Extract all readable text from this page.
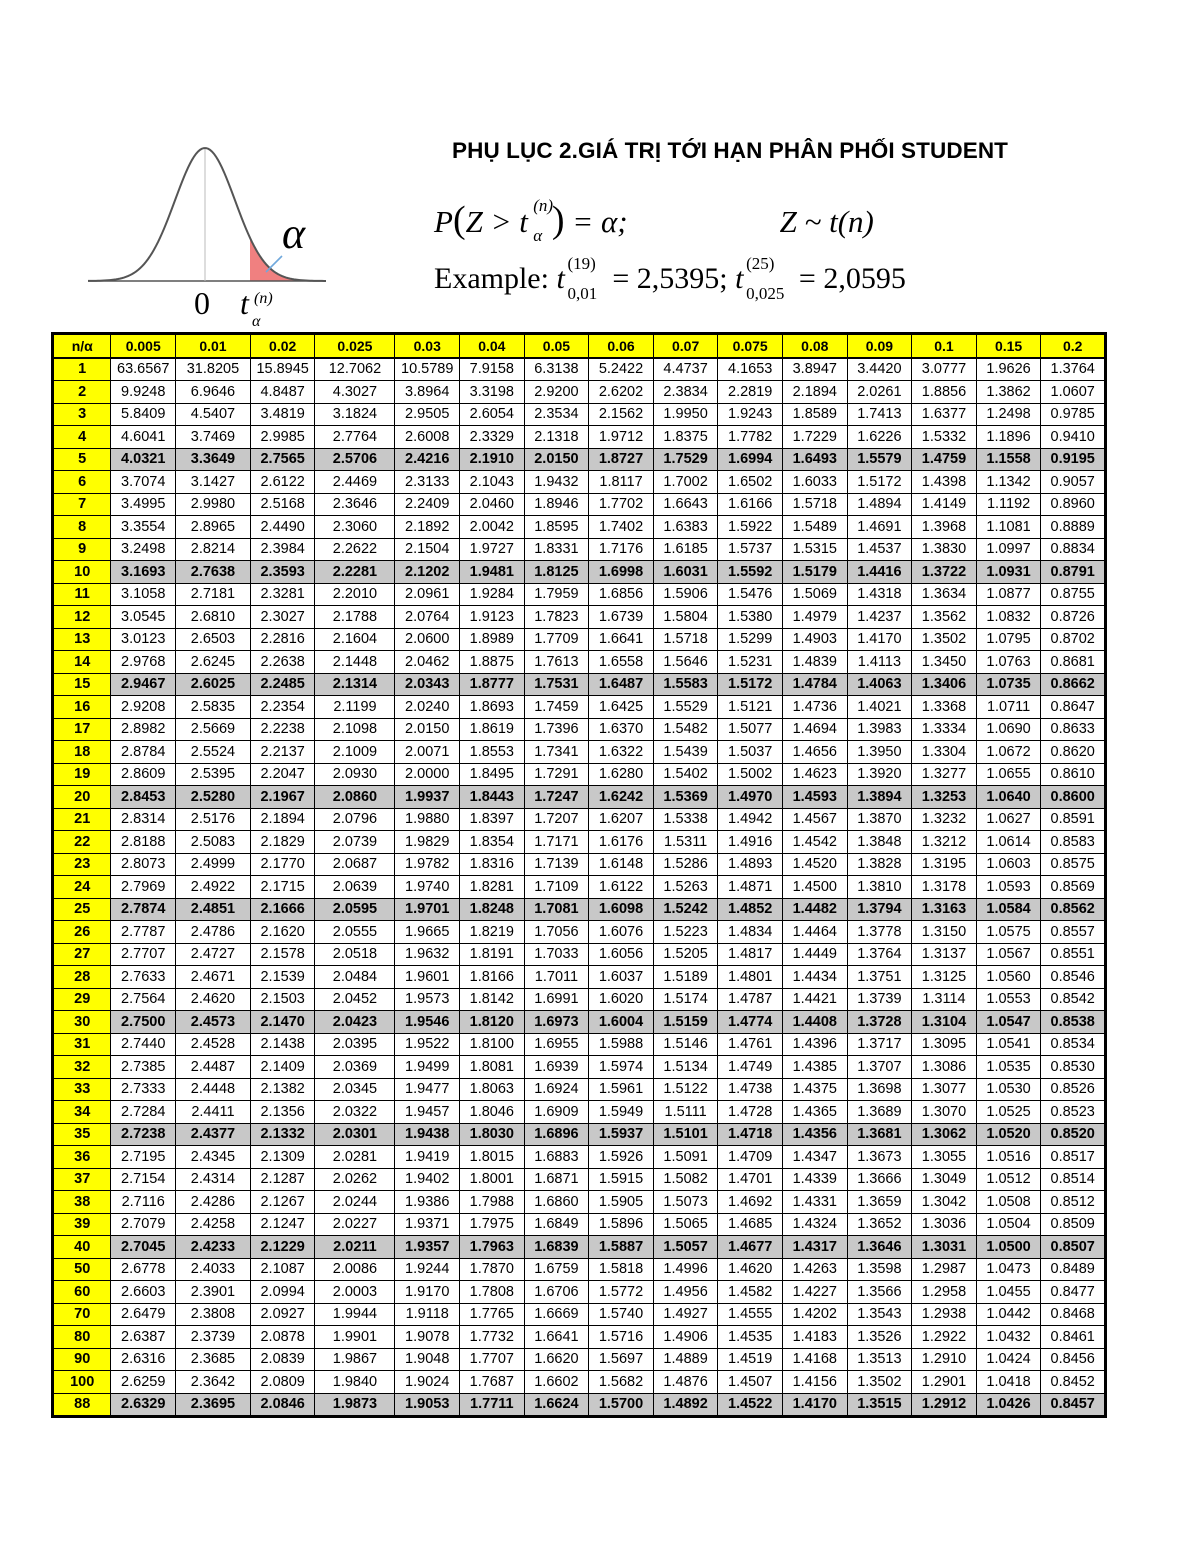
α
0 t (n)
α
PHỤ LỤC 2.GIÁ TRỊ TỚI HẠN PHÂN PHỐI STUDENT
P(Z > t (n)
α ) = α;	Z ~ t(n)
Example: t (19)
0,01 = 2,5395; t (25)
0,025 = 2,0595
n/α	0.005	0.01	0.02	0.025	0.03	0.04	0.05	0.06	0.07	0.075	0.08	0.09	0.1	0.15	0.2
1	63.6567	31.8205	15.8945	12.7062	10.5789	7.9158	6.3138	5.2422	4.4737	4.1653	3.8947	3.4420	3.0777	1.9626	1.3764
2	9.9248	6.9646	4.8487	4.3027	3.8964	3.3198	2.9200	2.6202	2.3834	2.2819	2.1894	2.0261	1.8856	1.3862	1.0607
3	5.8409	4.5407	3.4819	3.1824	2.9505	2.6054	2.3534	2.1562	1.9950	1.9243	1.8589	1.7413	1.6377	1.2498	0.9785
4	4.6041	3.7469	2.9985	2.7764	2.6008	2.3329	2.1318	1.9712	1.8375	1.7782	1.7229	1.6226	1.5332	1.1896	0.9410
5	4.0321	3.3649	2.7565	2.5706	2.4216	2.1910	2.0150	1.8727	1.7529	1.6994	1.6493	1.5579	1.4759	1.1558	0.9195
6	3.7074	3.1427	2.6122	2.4469	2.3133	2.1043	1.9432	1.8117	1.7002	1.6502	1.6033	1.5172	1.4398	1.1342	0.9057
7	3.4995	2.9980	2.5168	2.3646	2.2409	2.0460	1.8946	1.7702	1.6643	1.6166	1.5718	1.4894	1.4149	1.1192	0.8960
8	3.3554	2.8965	2.4490	2.3060	2.1892	2.0042	1.8595	1.7402	1.6383	1.5922	1.5489	1.4691	1.3968	1.1081	0.8889
9	3.2498	2.8214	2.3984	2.2622	2.1504	1.9727	1.8331	1.7176	1.6185	1.5737	1.5315	1.4537	1.3830	1.0997	0.8834
10	3.1693	2.7638	2.3593	2.2281	2.1202	1.9481	1.8125	1.6998	1.6031	1.5592	1.5179	1.4416	1.3722	1.0931	0.8791
11	3.1058	2.7181	2.3281	2.2010	2.0961	1.9284	1.7959	1.6856	1.5906	1.5476	1.5069	1.4318	1.3634	1.0877	0.8755
12	3.0545	2.6810	2.3027	2.1788	2.0764	1.9123	1.7823	1.6739	1.5804	1.5380	1.4979	1.4237	1.3562	1.0832	0.8726
13	3.0123	2.6503	2.2816	2.1604	2.0600	1.8989	1.7709	1.6641	1.5718	1.5299	1.4903	1.4170	1.3502	1.0795	0.8702
14	2.9768	2.6245	2.2638	2.1448	2.0462	1.8875	1.7613	1.6558	1.5646	1.5231	1.4839	1.4113	1.3450	1.0763	0.8681
15	2.9467	2.6025	2.2485	2.1314	2.0343	1.8777	1.7531	1.6487	1.5583	1.5172	1.4784	1.4063	1.3406	1.0735	0.8662
16	2.9208	2.5835	2.2354	2.1199	2.0240	1.8693	1.7459	1.6425	1.5529	1.5121	1.4736	1.4021	1.3368	1.0711	0.8647
17	2.8982	2.5669	2.2238	2.1098	2.0150	1.8619	1.7396	1.6370	1.5482	1.5077	1.4694	1.3983	1.3334	1.0690	0.8633
18	2.8784	2.5524	2.2137	2.1009	2.0071	1.8553	1.7341	1.6322	1.5439	1.5037	1.4656	1.3950	1.3304	1.0672	0.8620
19	2.8609	2.5395	2.2047	2.0930	2.0000	1.8495	1.7291	1.6280	1.5402	1.5002	1.4623	1.3920	1.3277	1.0655	0.8610
20	2.8453	2.5280	2.1967	2.0860	1.9937	1.8443	1.7247	1.6242	1.5369	1.4970	1.4593	1.3894	1.3253	1.0640	0.8600
21	2.8314	2.5176	2.1894	2.0796	1.9880	1.8397	1.7207	1.6207	1.5338	1.4942	1.4567	1.3870	1.3232	1.0627	0.8591
22	2.8188	2.5083	2.1829	2.0739	1.9829	1.8354	1.7171	1.6176	1.5311	1.4916	1.4542	1.3848	1.3212	1.0614	0.8583
23	2.8073	2.4999	2.1770	2.0687	1.9782	1.8316	1.7139	1.6148	1.5286	1.4893	1.4520	1.3828	1.3195	1.0603	0.8575
24	2.7969	2.4922	2.1715	2.0639	1.9740	1.8281	1.7109	1.6122	1.5263	1.4871	1.4500	1.3810	1.3178	1.0593	0.8569
25	2.7874	2.4851	2.1666	2.0595	1.9701	1.8248	1.7081	1.6098	1.5242	1.4852	1.4482	1.3794	1.3163	1.0584	0.8562
26	2.7787	2.4786	2.1620	2.0555	1.9665	1.8219	1.7056	1.6076	1.5223	1.4834	1.4464	1.3778	1.3150	1.0575	0.8557
27	2.7707	2.4727	2.1578	2.0518	1.9632	1.8191	1.7033	1.6056	1.5205	1.4817	1.4449	1.3764	1.3137	1.0567	0.8551
28	2.7633	2.4671	2.1539	2.0484	1.9601	1.8166	1.7011	1.6037	1.5189	1.4801	1.4434	1.3751	1.3125	1.0560	0.8546
29	2.7564	2.4620	2.1503	2.0452	1.9573	1.8142	1.6991	1.6020	1.5174	1.4787	1.4421	1.3739	1.3114	1.0553	0.8542
30	2.7500	2.4573	2.1470	2.0423	1.9546	1.8120	1.6973	1.6004	1.5159	1.4774	1.4408	1.3728	1.3104	1.0547	0.8538
31	2.7440	2.4528	2.1438	2.0395	1.9522	1.8100	1.6955	1.5988	1.5146	1.4761	1.4396	1.3717	1.3095	1.0541	0.8534
32	2.7385	2.4487	2.1409	2.0369	1.9499	1.8081	1.6939	1.5974	1.5134	1.4749	1.4385	1.3707	1.3086	1.0535	0.8530
33	2.7333	2.4448	2.1382	2.0345	1.9477	1.8063	1.6924	1.5961	1.5122	1.4738	1.4375	1.3698	1.3077	1.0530	0.8526
34	2.7284	2.4411	2.1356	2.0322	1.9457	1.8046	1.6909	1.5949	1.5111	1.4728	1.4365	1.3689	1.3070	1.0525	0.8523
35	2.7238	2.4377	2.1332	2.0301	1.9438	1.8030	1.6896	1.5937	1.5101	1.4718	1.4356	1.3681	1.3062	1.0520	0.8520
36	2.7195	2.4345	2.1309	2.0281	1.9419	1.8015	1.6883	1.5926	1.5091	1.4709	1.4347	1.3673	1.3055	1.0516	0.8517
37	2.7154	2.4314	2.1287	2.0262	1.9402	1.8001	1.6871	1.5915	1.5082	1.4701	1.4339	1.3666	1.3049	1.0512	0.8514
38	2.7116	2.4286	2.1267	2.0244	1.9386	1.7988	1.6860	1.5905	1.5073	1.4692	1.4331	1.3659	1.3042	1.0508	0.8512
39	2.7079	2.4258	2.1247	2.0227	1.9371	1.7975	1.6849	1.5896	1.5065	1.4685	1.4324	1.3652	1.3036	1.0504	0.8509
40	2.7045	2.4233	2.1229	2.0211	1.9357	1.7963	1.6839	1.5887	1.5057	1.4677	1.4317	1.3646	1.3031	1.0500	0.8507
50	2.6778	2.4033	2.1087	2.0086	1.9244	1.7870	1.6759	1.5818	1.4996	1.4620	1.4263	1.3598	1.2987	1.0473	0.8489
60	2.6603	2.3901	2.0994	2.0003	1.9170	1.7808	1.6706	1.5772	1.4956	1.4582	1.4227	1.3566	1.2958	1.0455	0.8477
70	2.6479	2.3808	2.0927	1.9944	1.9118	1.7765	1.6669	1.5740	1.4927	1.4555	1.4202	1.3543	1.2938	1.0442	0.8468
80	2.6387	2.3739	2.0878	1.9901	1.9078	1.7732	1.6641	1.5716	1.4906	1.4535	1.4183	1.3526	1.2922	1.0432	0.8461
90	2.6316	2.3685	2.0839	1.9867	1.9048	1.7707	1.6620	1.5697	1.4889	1.4519	1.4168	1.3513	1.2910	1.0424	0.8456
100	2.6259	2.3642	2.0809	1.9840	1.9024	1.7687	1.6602	1.5682	1.4876	1.4507	1.4156	1.3502	1.2901	1.0418	0.8452
88	2.6329	2.3695	2.0846	1.9873	1.9053	1.7711	1.6624	1.5700	1.4892	1.4522	1.4170	1.3515	1.2912	1.0426	0.8457
